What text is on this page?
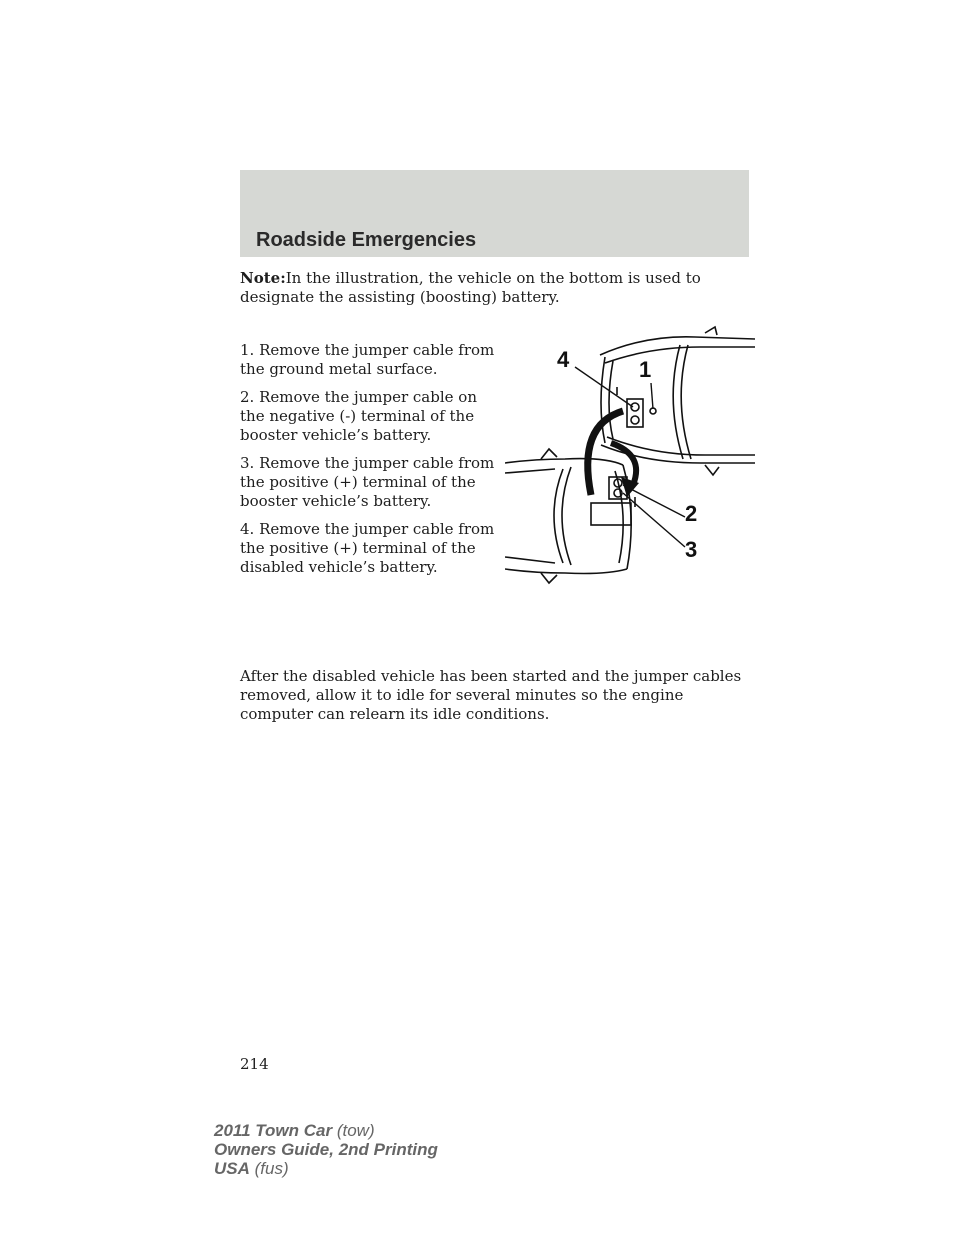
Roadside Emergencies
Note:In the illustration, the vehicle on the bottom is used to designate the assisting (boosting) battery.

1. Remove the jumper cable from the ground metal surface.

2. Remove the jumper cable on the negative (-) terminal of the booster vehicle’s battery.

3. Remove the jumper cable from the positive (+) terminal of the booster vehicle’s battery.

4. Remove the jumper cable from the positive (+) terminal of the disabled vehicle’s battery.

4	1
2
3
After the disabled vehicle has been started and the jumper cables removed, allow it to idle for several minutes so the engine computer can relearn its idle conditions.
214
2011 Town Car (tow)
Owners Guide, 2nd Printing
USA (fus)
